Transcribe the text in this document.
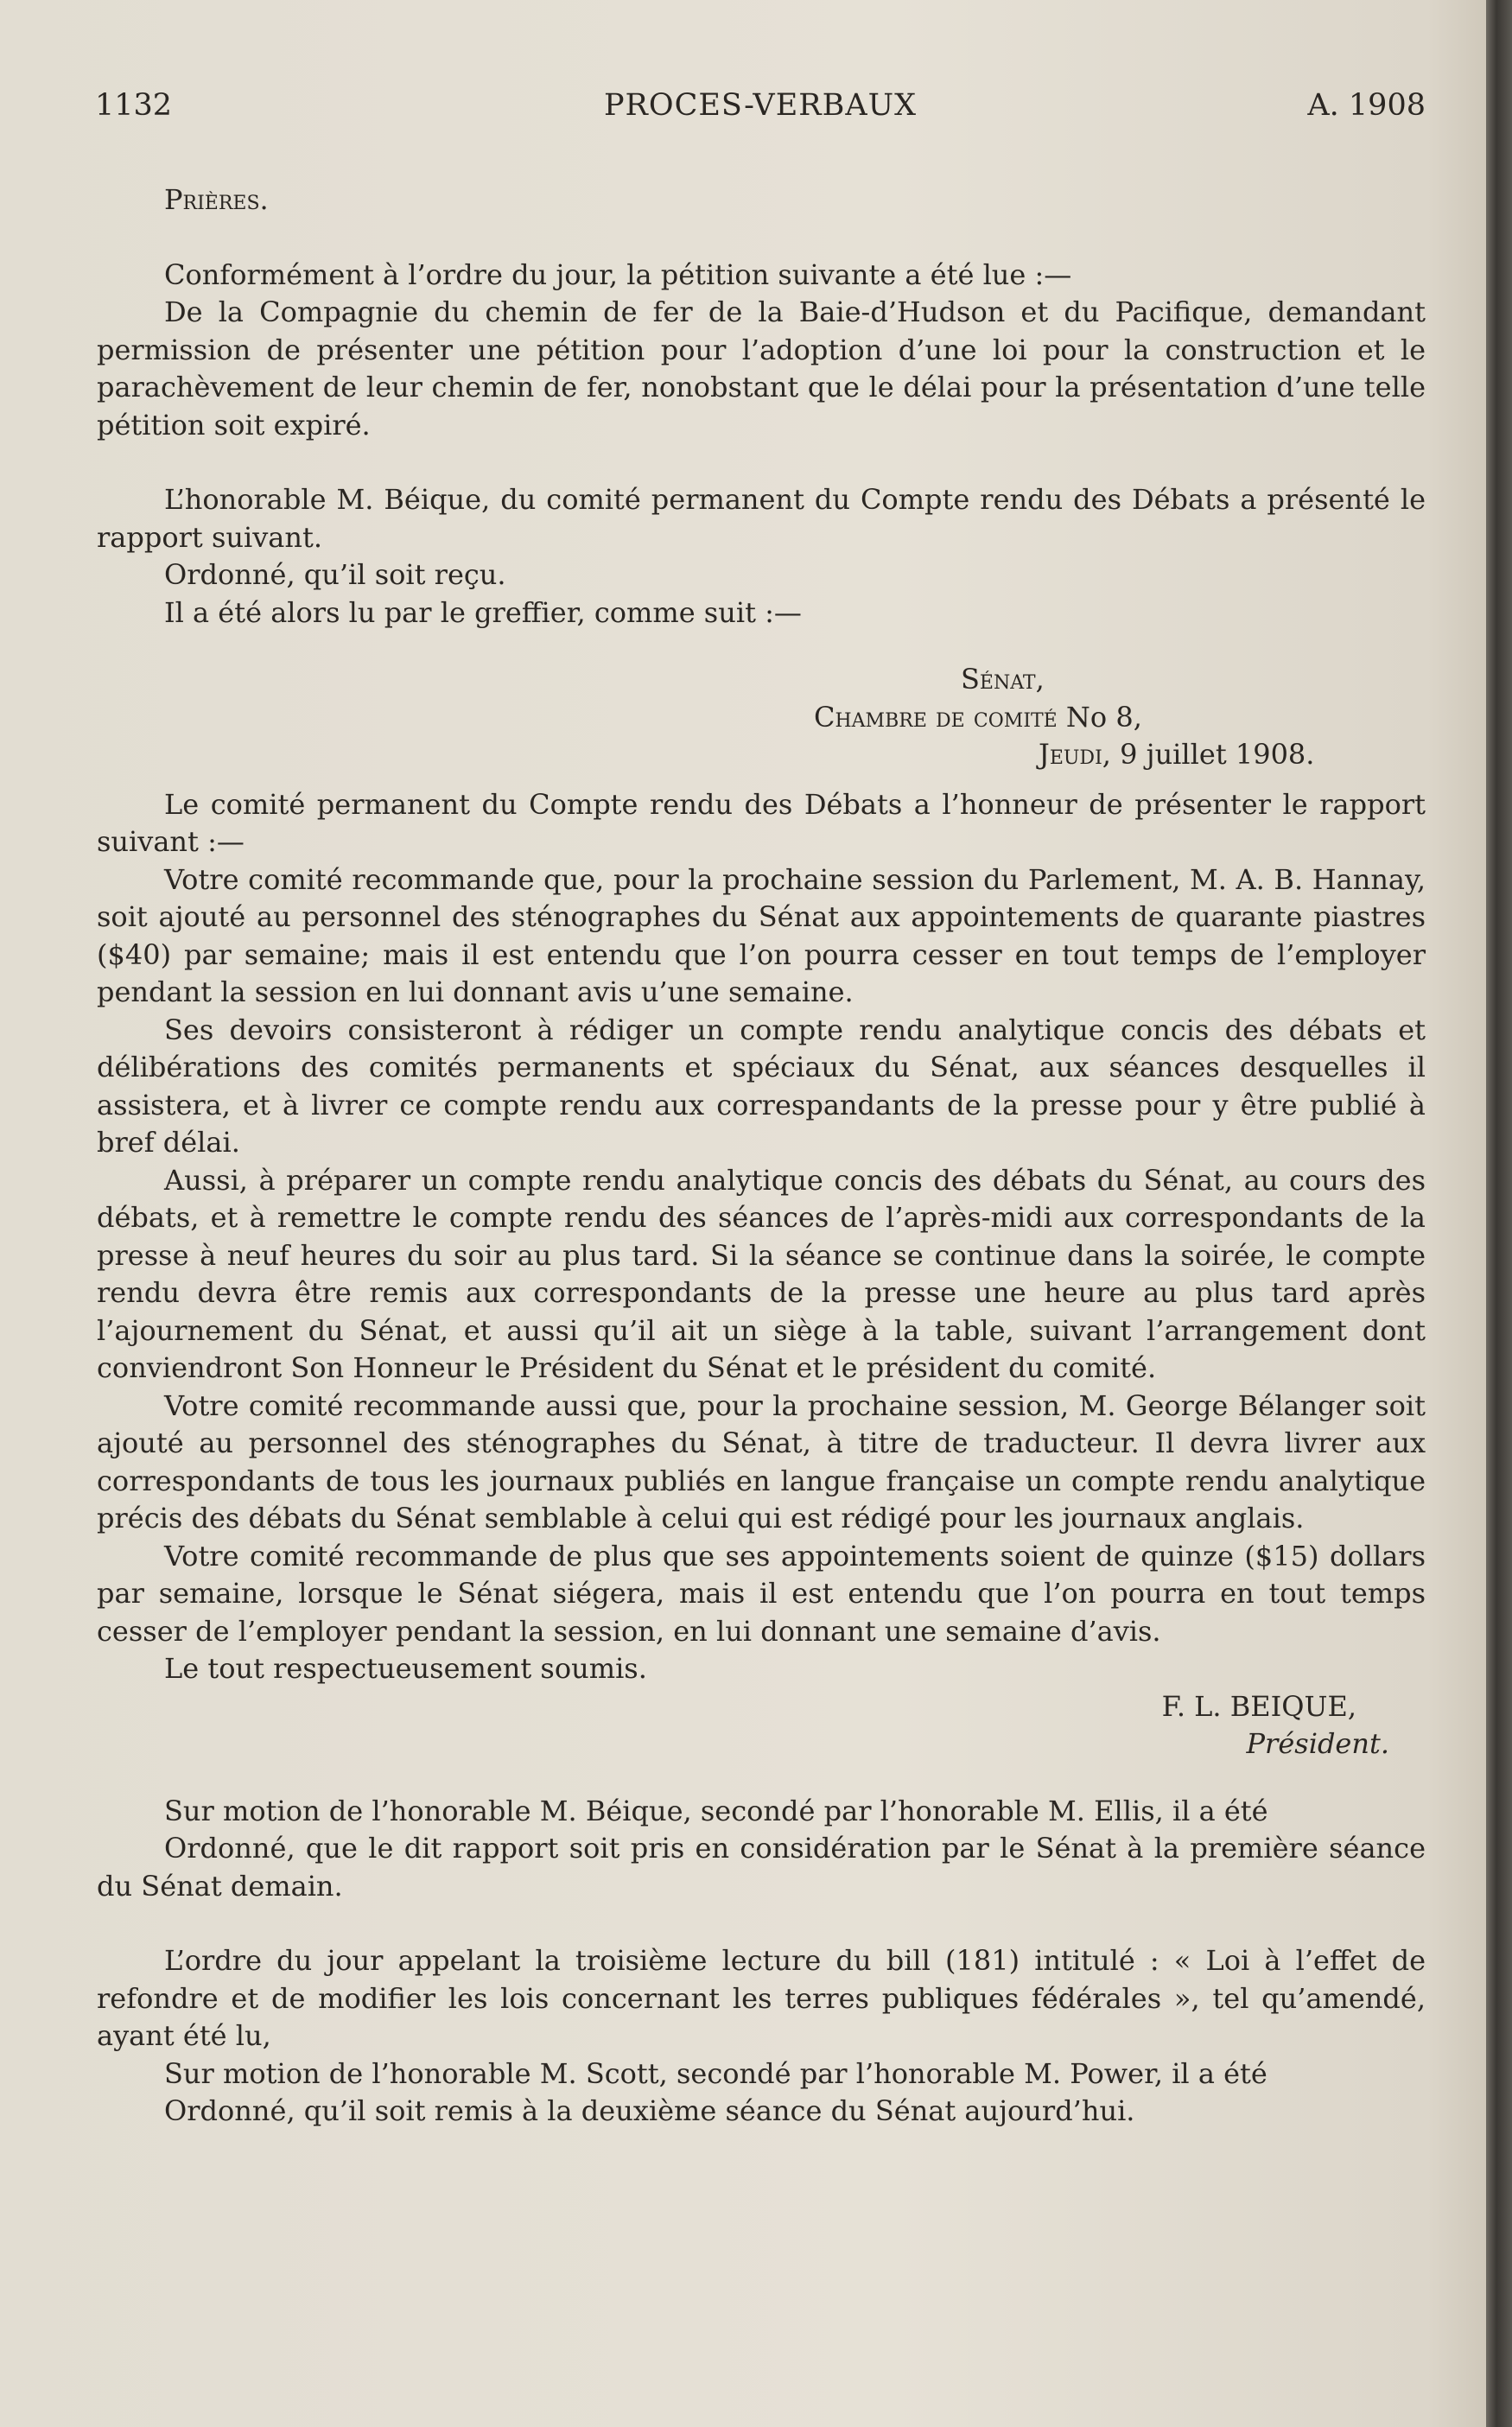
1132	PROCES-VERBAUX	A. 1908

Prières.

Conformément à l’ordre du jour, la pétition suivante a été lue :—

De la Compagnie du chemin de fer de la Baie-d’Hudson et du Pacifique, demandant permission de présenter une pétition pour l’adoption d’une loi pour la construction et le parachèvement de leur chemin de fer, nonobstant que le délai pour la présentation d’une telle pétition soit expiré.

L’honorable M. Béique, du comité permanent du Compte rendu des Débats a présenté le rapport suivant.

Ordonné, qu’il soit reçu.

Il a été alors lu par le greffier, comme suit :—

Sénat,

Chambre de comité No 8,

Jeudi, 9 juillet 1908.

Le comité permanent du Compte rendu des Débats a l’honneur de présenter le rapport suivant :—

Votre comité recommande que, pour la prochaine session du Parlement, M. A. B. Hannay, soit ajouté au personnel des sténographes du Sénat aux appointements de quarante piastres ($40) par semaine; mais il est entendu que l’on pourra cesser en tout temps de l’employer pendant la session en lui donnant avis u’une semaine.

Ses devoirs consisteront à rédiger un compte rendu analytique concis des débats et délibérations des comités permanents et spéciaux du Sénat, aux séances desquelles il assistera, et à livrer ce compte rendu aux correspandants de la presse pour y être publié à bref délai.

Aussi, à préparer un compte rendu analytique concis des débats du Sénat, au cours des débats, et à remettre le compte rendu des séances de l’après-midi aux correspondants de la presse à neuf heures du soir au plus tard. Si la séance se continue dans la soirée, le compte rendu devra être remis aux correspondants de la presse une heure au plus tard après l’ajournement du Sénat, et aussi qu’il ait un siège à la table, suivant l’arrangement dont conviendront Son Honneur le Président du Sénat et le président du comité.

Votre comité recommande aussi que, pour la prochaine session, M. George Bélanger soit ajouté au personnel des sténographes du Sénat, à titre de traducteur. Il devra livrer aux correspondants de tous les journaux publiés en langue française un compte rendu analytique précis des débats du Sénat semblable à celui qui est rédigé pour les journaux anglais.

Votre comité recommande de plus que ses appointements soient de quinze ($15) dollars par semaine, lorsque le Sénat siégera, mais il est entendu que l’on pourra en tout temps cesser de l’employer pendant la session, en lui donnant une semaine d’avis.

Le tout respectueusement soumis.

F. L. BEIQUE,

Président.

Sur motion de l’honorable M. Béique, secondé par l’honorable M. Ellis, il a été

Ordonné, que le dit rapport soit pris en considération par le Sénat à la première séance du Sénat demain.

L’ordre du jour appelant la troisième lecture du bill (181) intitulé : « Loi à l’effet de refondre et de modifier les lois concernant les terres publiques fédérales », tel qu’amendé, ayant été lu,

Sur motion de l’honorable M. Scott, secondé par l’honorable M. Power, il a été

Ordonné, qu’il soit remis à la deuxième séance du Sénat aujourd’hui.
